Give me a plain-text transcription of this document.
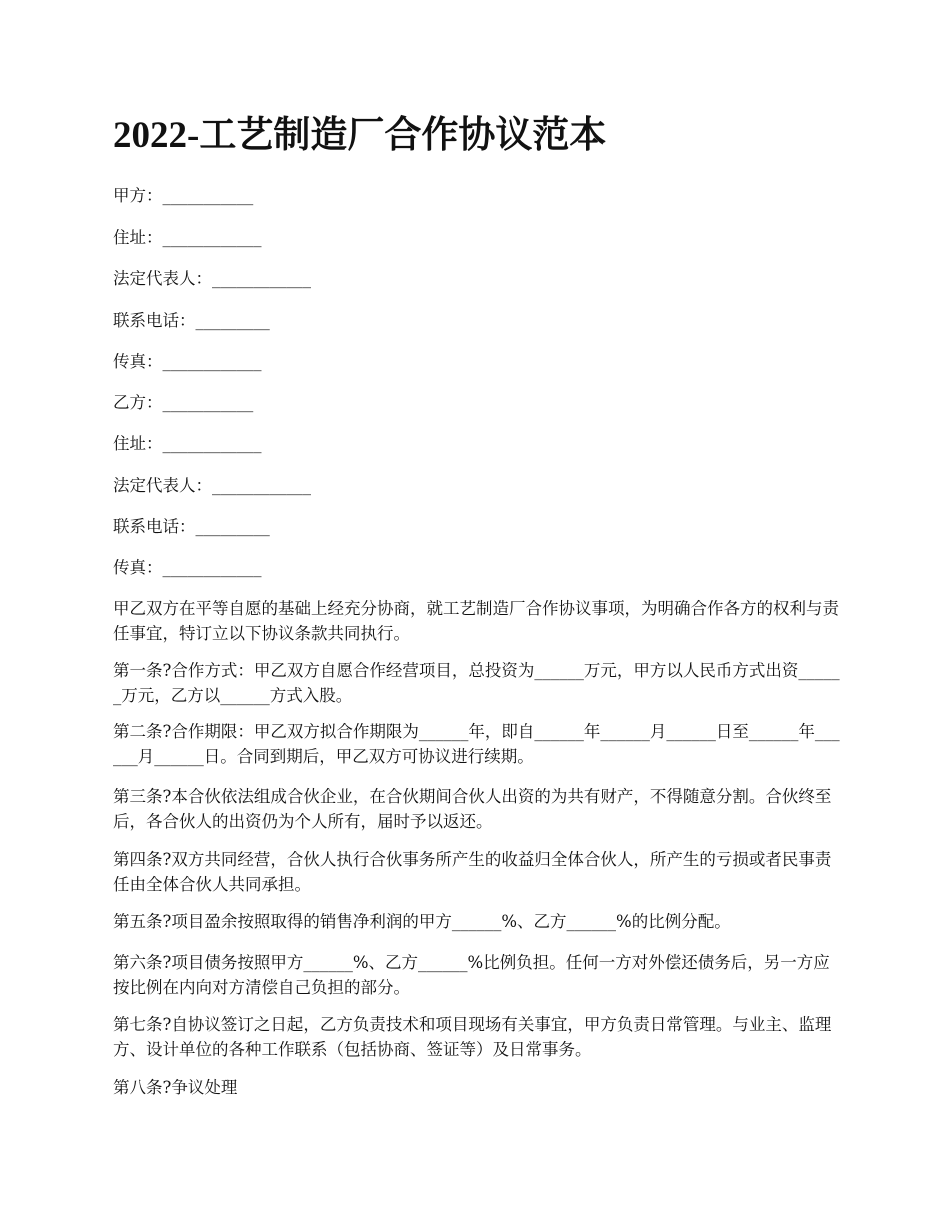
2022-工艺制造厂合作协议范本

甲方：___________

住址：____________

法定代表人：____________

联系电话：_________

传真：____________

乙方：___________

住址：____________

法定代表人：____________

联系电话：_________

传真：____________

甲乙双方在平等自愿的基础上经充分协商，就工艺制造厂合作协议事项，为明确合作各方的权利与责任事宜，特订立以下协议条款共同执行。

第一条?合作方式：甲乙双方自愿合作经营项目，总投资为______万元，甲方以人民币方式出资______万元，乙方以______方式入股。

第二条?合作期限：甲乙双方拟合作期限为______年，即自______年______月______日至______年______月______日。合同到期后，甲乙双方可协议进行续期。

第三条?本合伙依法组成合伙企业，在合伙期间合伙人出资的为共有财产，不得随意分割。合伙终至后，各合伙人的出资仍为个人所有，届时予以返还。

第四条?双方共同经营，合伙人执行合伙事务所产生的收益归全体合伙人，所产生的亏损或者民事责任由全体合伙人共同承担。

第五条?项目盈余按照取得的销售净利润的甲方______%、乙方______%的比例分配。

第六条?项目债务按照甲方______%、乙方______%比例负担。任何一方对外偿还债务后，另一方应按比例在内向对方清偿自己负担的部分。

第七条?自协议签订之日起，乙方负责技术和项目现场有关事宜，甲方负责日常管理。与业主、监理方、设计单位的各种工作联系（包括协商、签证等）及日常事务。

第八条?争议处理
